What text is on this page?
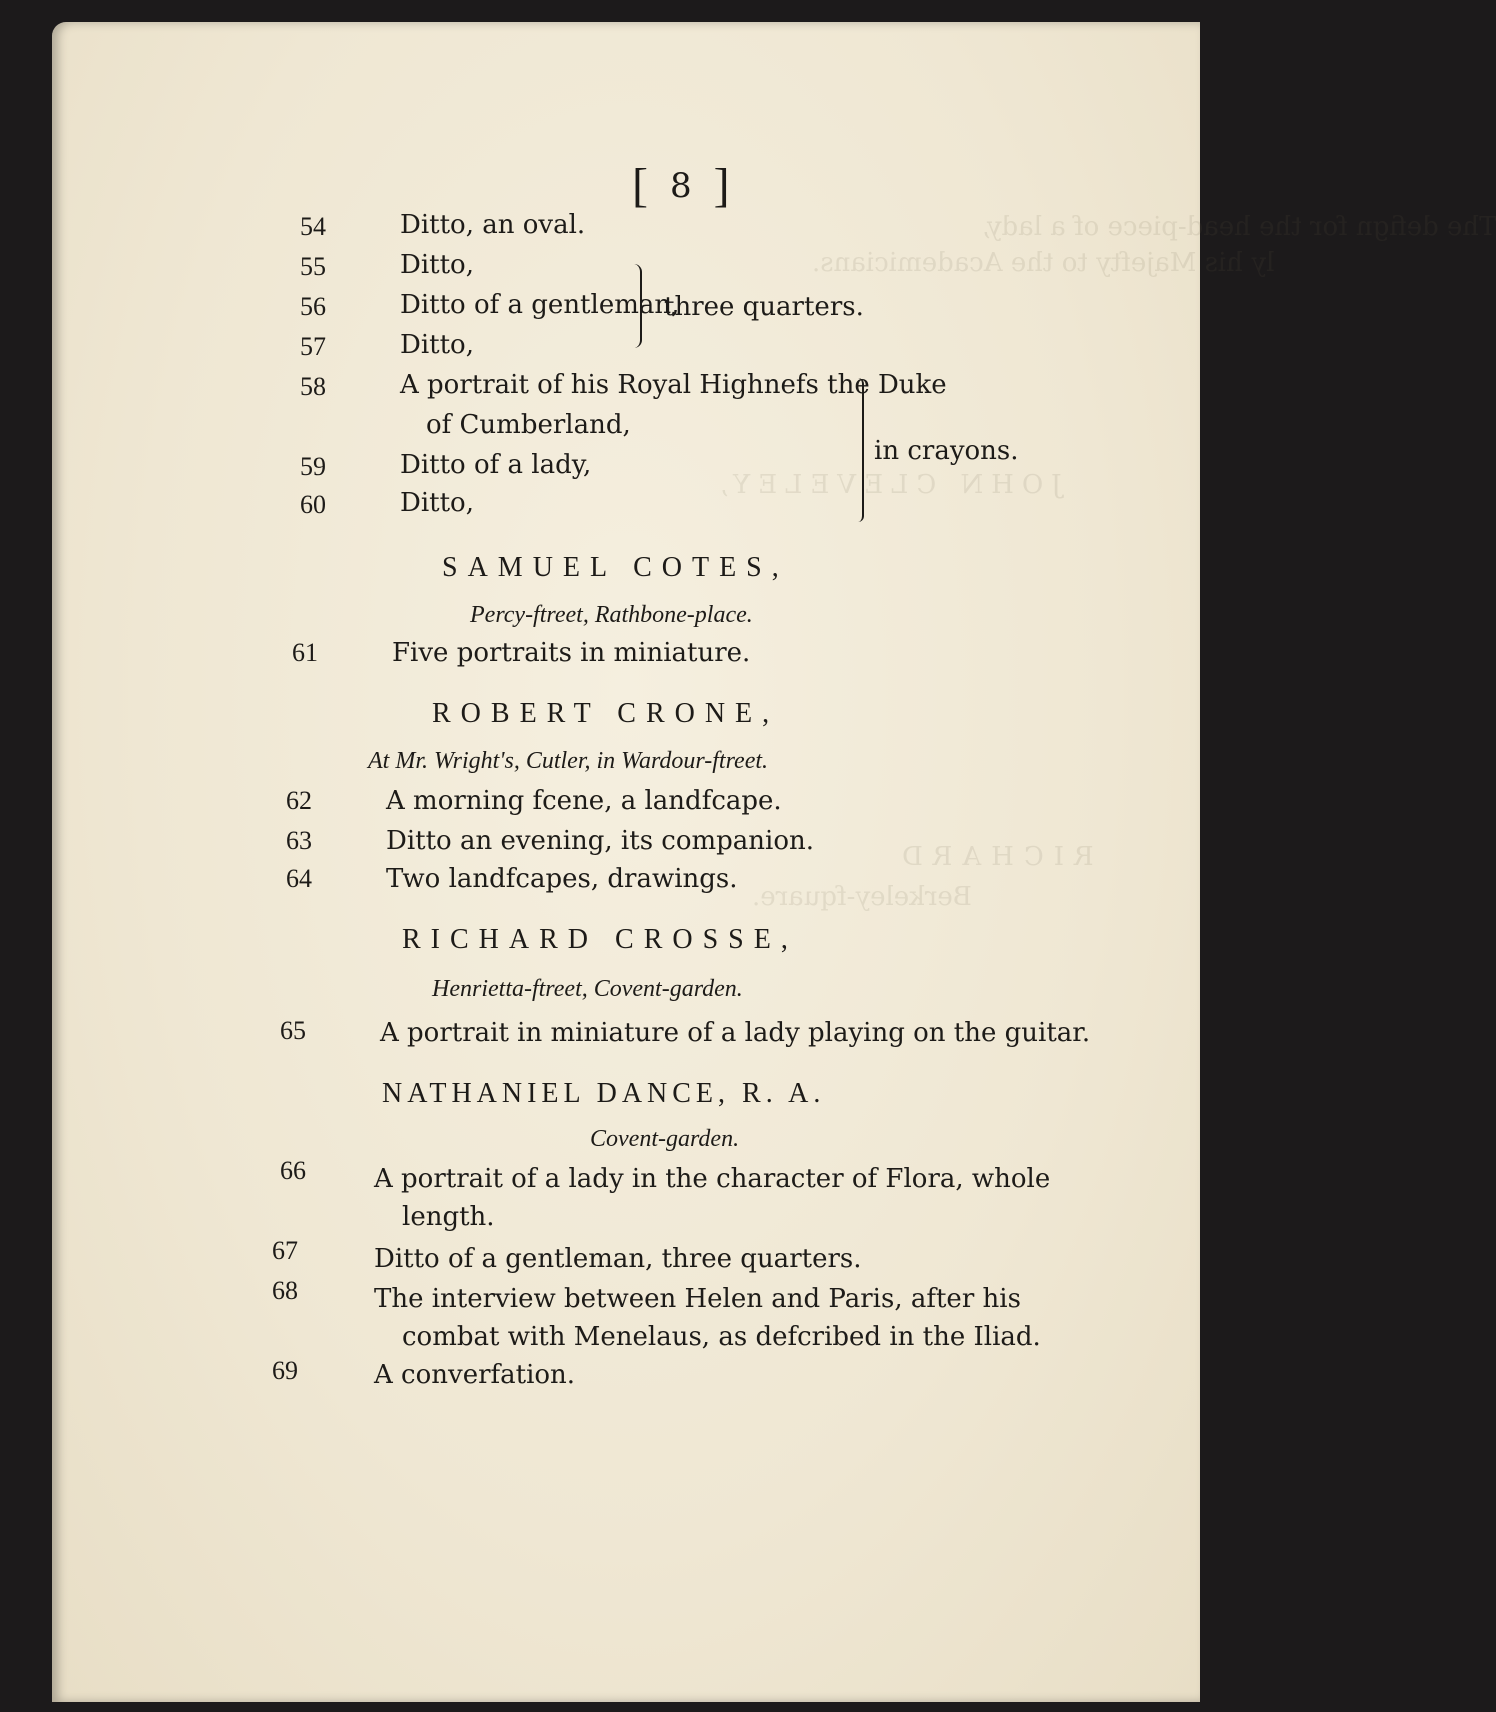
The defign for the head-piece of a lady,
ly his Majefty to the Academicians.
JOHN CLEVELEY,
Berkeley-fquare.
RICHARD
[ 8 ]
54	Ditto, an oval.
55	Ditto,
56	Ditto of a gentleman,
57	Ditto,
three quarters.
58	A portrait of his Royal Highnefs the Duke
of Cumberland,
59	Ditto of a lady,
60	Ditto,
in crayons.
SAMUEL COTES,
Percy-ftreet, Rathbone-place.
61	Five portraits in miniature.
ROBERT CRONE,
At Mr. Wright's, Cutler, in Wardour-ftreet.
62	A morning fcene, a landfcape.
63	Ditto an evening, its companion.
64	Two landfcapes, drawings.
RICHARD CROSSE,
Henrietta-ftreet, Covent-garden.
65	A portrait in miniature of a lady playing on the guitar.
NATHANIEL DANCE, R. A.
Covent-garden.
66	A portrait of a lady in the character of Flora, whole
length.
67	Ditto of a gentleman, three quarters.
68	The interview between Helen and Paris, after his
combat with Menelaus, as defcribed in the Iliad.
69	A converfation.
